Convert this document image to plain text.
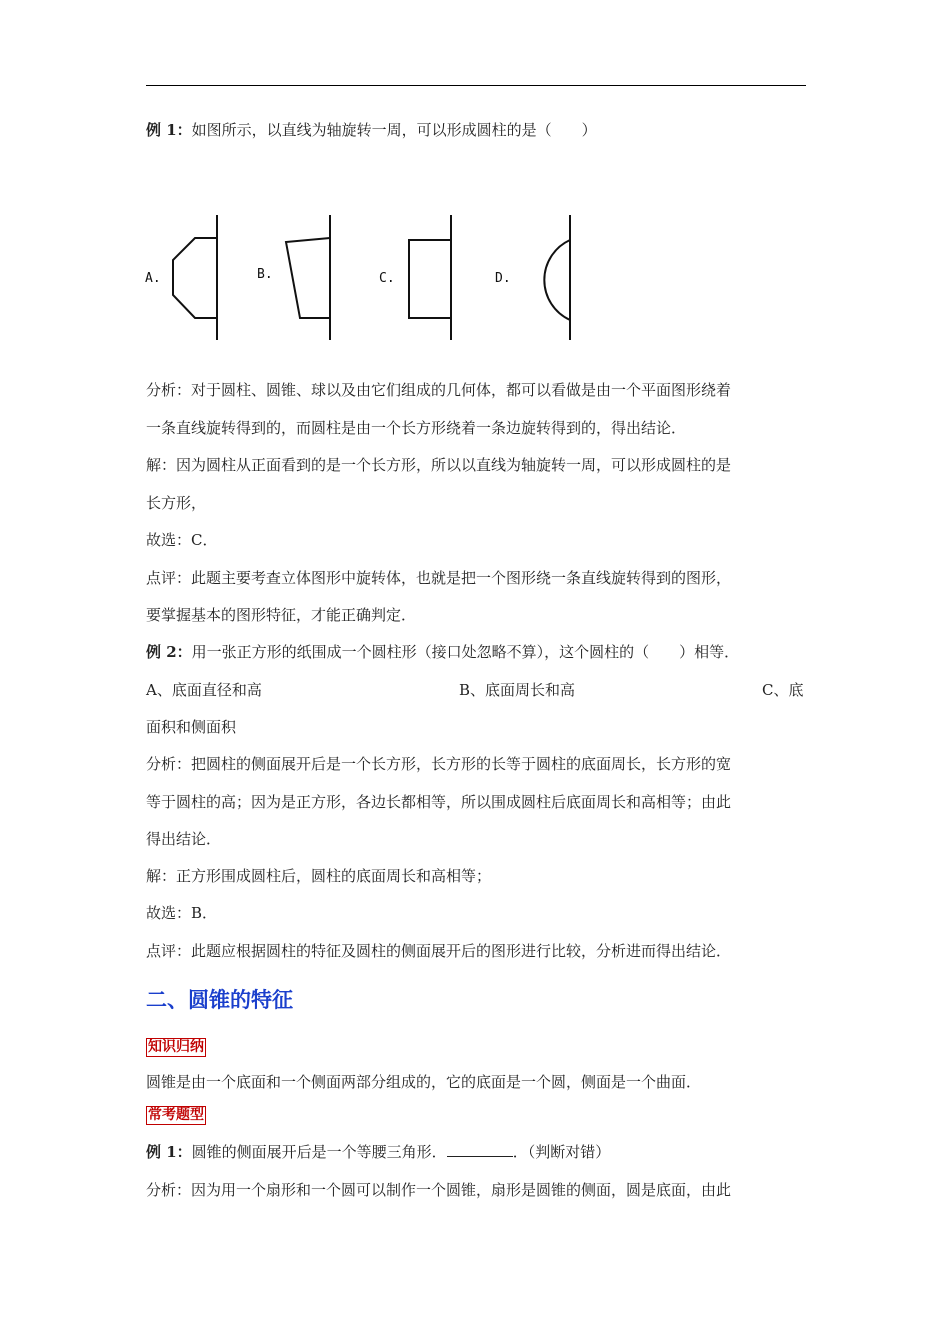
例 1：如图所示，以直线为轴旋转一周，可以形成圆柱的是（　　）
A.	B.	C.	D.
分析：对于圆柱、圆锥、球以及由它们组成的几何体，都可以看做是由一个平面图形绕着
一条直线旋转得到的，而圆柱是由一个长方形绕着一条边旋转得到的，得出结论．
解：因为圆柱从正面看到的是一个长方形，所以以直线为轴旋转一周，可以形成圆柱的是
长方形，
故选：C．
点评：此题主要考查立体图形中旋转体，也就是把一个图形绕一条直线旋转得到的图形，
要掌握基本的图形特征，才能正确判定．
例 2：用一张正方形的纸围成一个圆柱形（接口处忽略不算），这个圆柱的（　　）相等．
A、底面直径和高	B、底面周长和高	C、底
面积和侧面积
分析：把圆柱的侧面展开后是一个长方形，长方形的长等于圆柱的底面周长，长方形的宽
等于圆柱的高；因为是正方形，各边长都相等，所以围成圆柱后底面周长和高相等；由此
得出结论．
解：正方形围成圆柱后，圆柱的底面周长和高相等；
故选：B．
点评：此题应根据圆柱的特征及圆柱的侧面展开后的图形进行比较，分析进而得出结论．
二、圆锥的特征
知识归纳
圆锥是由一个底面和一个侧面两部分组成的，它的底面是一个圆，侧面是一个曲面．
常考题型
例 1：圆锥的侧面展开后是一个等腰三角形．	．（判断对错）
分析：因为用一个扇形和一个圆可以制作一个圆锥，扇形是圆锥的侧面，圆是底面，由此
